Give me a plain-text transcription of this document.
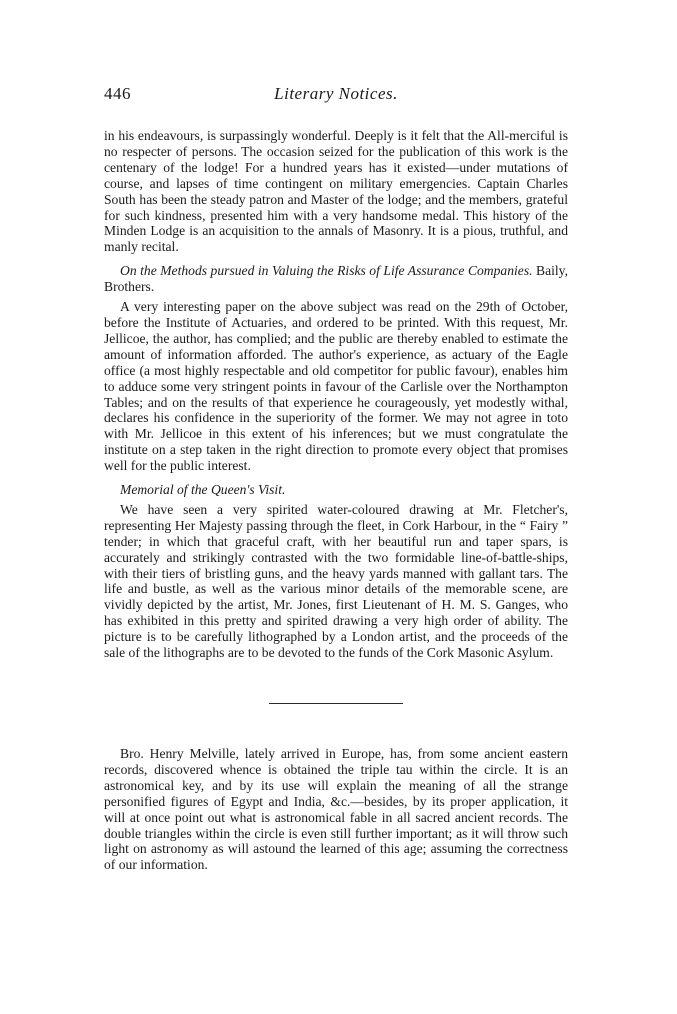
446	Literary Notices.

in his endeavours, is surpassingly wonderful. Deeply is it felt that the All-merciful is no respecter of persons. The occasion seized for the publication of this work is the centenary of the lodge! For a hundred years has it existed—under mutations of course, and lapses of time contingent on military emergencies. Captain Charles South has been the steady patron and Master of the lodge; and the members, grateful for such kindness, presented him with a very handsome medal. This history of the Minden Lodge is an acquisition to the annals of Masonry. It is a pious, truthful, and manly recital.

On the Methods pursued in Valuing the Risks of Life Assurance Companies. Baily, Brothers.

A very interesting paper on the above subject was read on the 29th of October, before the Institute of Actuaries, and ordered to be printed. With this request, Mr. Jellicoe, the author, has complied; and the public are thereby enabled to estimate the amount of information afforded. The author's experience, as actuary of the Eagle office (a most highly respectable and old competitor for public favour), enables him to adduce some very stringent points in favour of the Carlisle over the Northampton Tables; and on the results of that experience he courageously, yet modestly withal, declares his confidence in the superiority of the former. We may not agree in toto with Mr. Jellicoe in this extent of his inferences; but we must congratulate the institute on a step taken in the right direction to promote every object that promises well for the public interest.

Memorial of the Queen's Visit.

We have seen a very spirited water-coloured drawing at Mr. Fletcher's, representing Her Majesty passing through the fleet, in Cork Harbour, in the “ Fairy ” tender; in which that graceful craft, with her beautiful run and taper spars, is accurately and strikingly contrasted with the two formidable line-of-battle-ships, with their tiers of bristling guns, and the heavy yards manned with gallant tars. The life and bustle, as well as the various minor details of the memorable scene, are vividly depicted by the artist, Mr. Jones, first Lieutenant of H. M. S. Ganges, who has exhibited in this pretty and spirited drawing a very high order of ability. The picture is to be carefully lithographed by a London artist, and the proceeds of the sale of the lithographs are to be devoted to the funds of the Cork Masonic Asylum.

Bro. Henry Melville, lately arrived in Europe, has, from some ancient eastern records, discovered whence is obtained the triple tau within the circle. It is an astronomical key, and by its use will explain the meaning of all the strange personified figures of Egypt and India, &c.—besides, by its proper application, it will at once point out what is astronomical fable in all sacred ancient records. The double triangles within the circle is even still further important; as it will throw such light on astronomy as will astound the learned of this age; assuming the correctness of our information.
